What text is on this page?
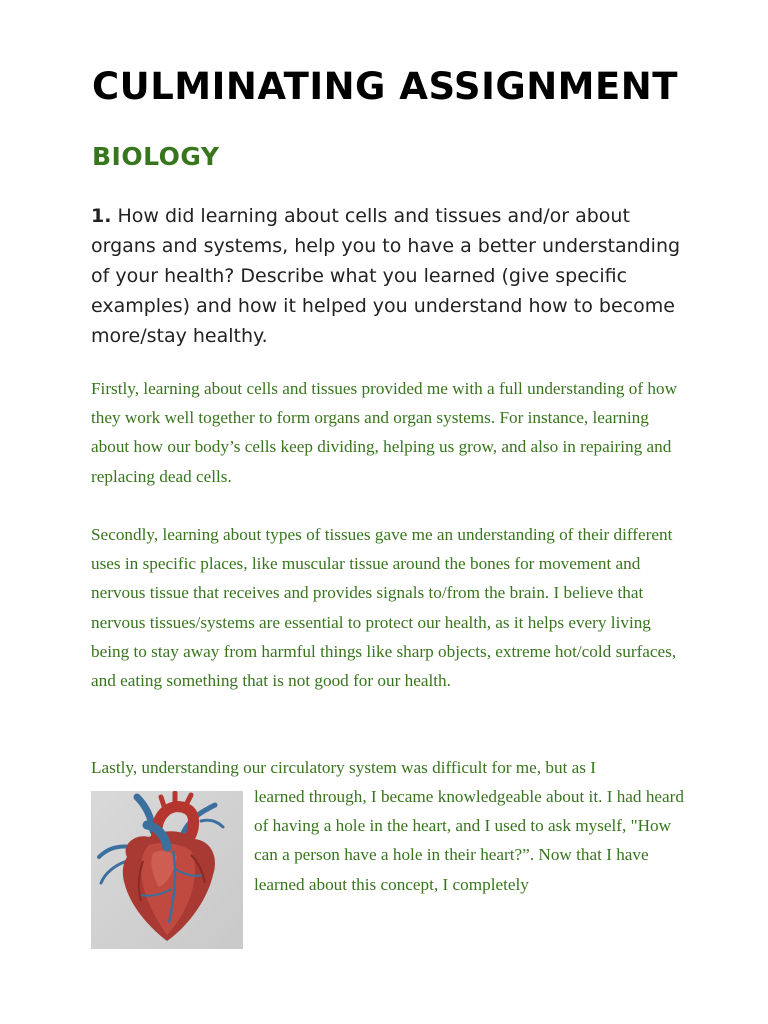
CULMINATING ASSIGNMENT
BIOLOGY

1. How did learning about cells and tissues and/or about organs and systems, help you to have a better understanding of your health? Describe what you learned (give specific examples) and how it helped you understand how to become more/stay healthy.

Firstly, learning about cells and tissues provided me with a full understanding of how they work well together to form organs and organ systems. For instance, learning about how our body’s cells keep dividing, helping us grow, and also in repairing and replacing dead cells.

Secondly, learning about types of tissues gave me an understanding of their different uses in specific places, like muscular tissue around the bones for movement and nervous tissue that receives and provides signals to/from the brain. I believe that nervous tissues/systems are essential to protect our health, as it helps every living being to stay away from harmful things like sharp objects, extreme hot/cold surfaces, and eating something that is not good for our health.

Lastly, understanding our circulatory system was difficult for me, but as I

learned through, I became knowledgeable about it. I had heard of having a hole in the heart, and I used to ask myself, "How can a person have a hole in their heart?”. Now that I have learned about this concept, I completely
